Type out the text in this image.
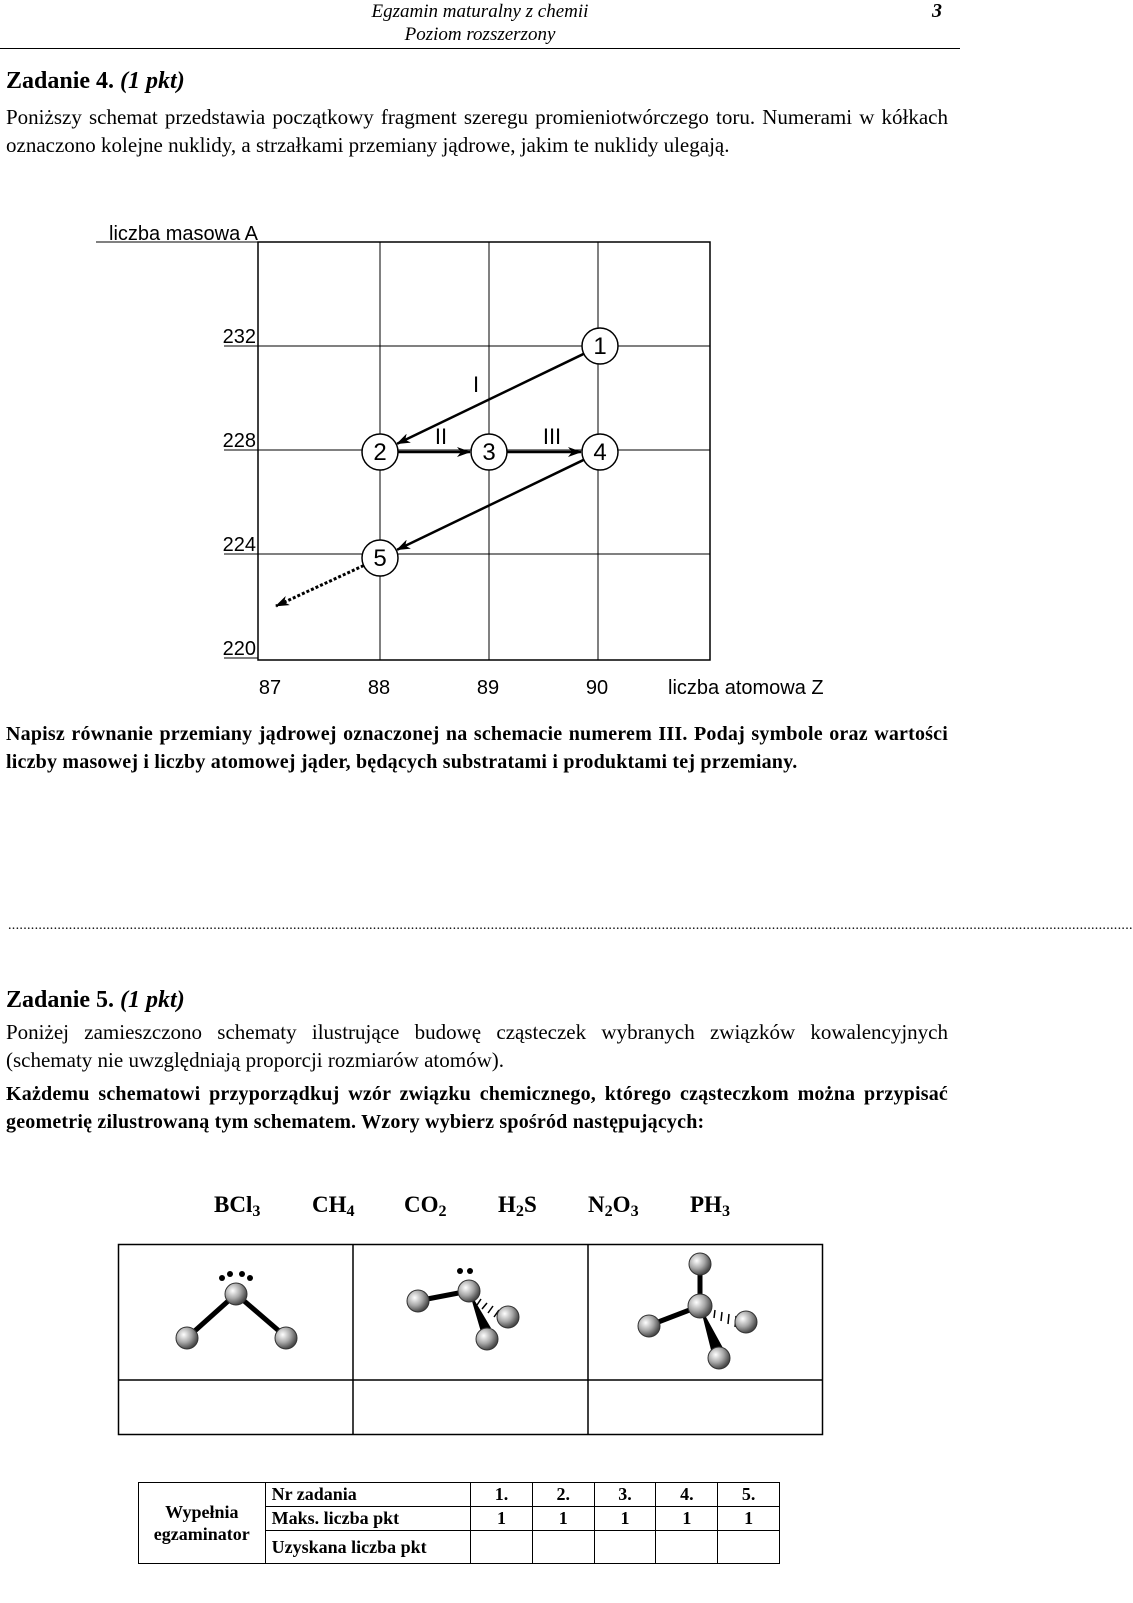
Egzamin maturalny z chemii
Poziom rozszerzony
3
Zadanie 4. (1 pkt)
Poniższy schemat przedstawia początkowy fragment szeregu promieniotwórczego toru. Numerami w kółkach oznaczono kolejne nuklidy, a strzałkami przemiany jądrowe, jakim te nuklidy ulegają.
liczba masowa A
232
228
224
220
87	88	89	90	liczba atomowa Z
I
II	III
1
2	3	4
5
Napisz równanie przemiany jądrowej oznaczonej na schemacie numerem III. Podaj symbole oraz wartości liczby masowej i liczby atomowej jąder, będących substratami i produktami tej przemiany.
........................................................................................................................................................................................................................................................................................................
Zadanie 5. (1 pkt)
Poniżej zamieszczono schematy ilustrujące budowę cząsteczek wybranych związków kowalencyjnych (schematy nie uwzględniają proporcji rozmiarów atomów).
Każdemu schematowi przyporządkuj wzór związku chemicznego, którego cząsteczkom można przypisać geometrię zilustrowaną tym schematem. Wzory wybierz spośród następujących:
BCl$_3$ $CH_4$ $CO_2$ $H_2S$ $N_2O_3$ $PH_3$
Wypełnia egzaminator	Nr zadania	1.	2.	3.	4.	5.
	Maks. liczba pkt	1	1	1	1	1
	Uzyskana liczba pkt					
